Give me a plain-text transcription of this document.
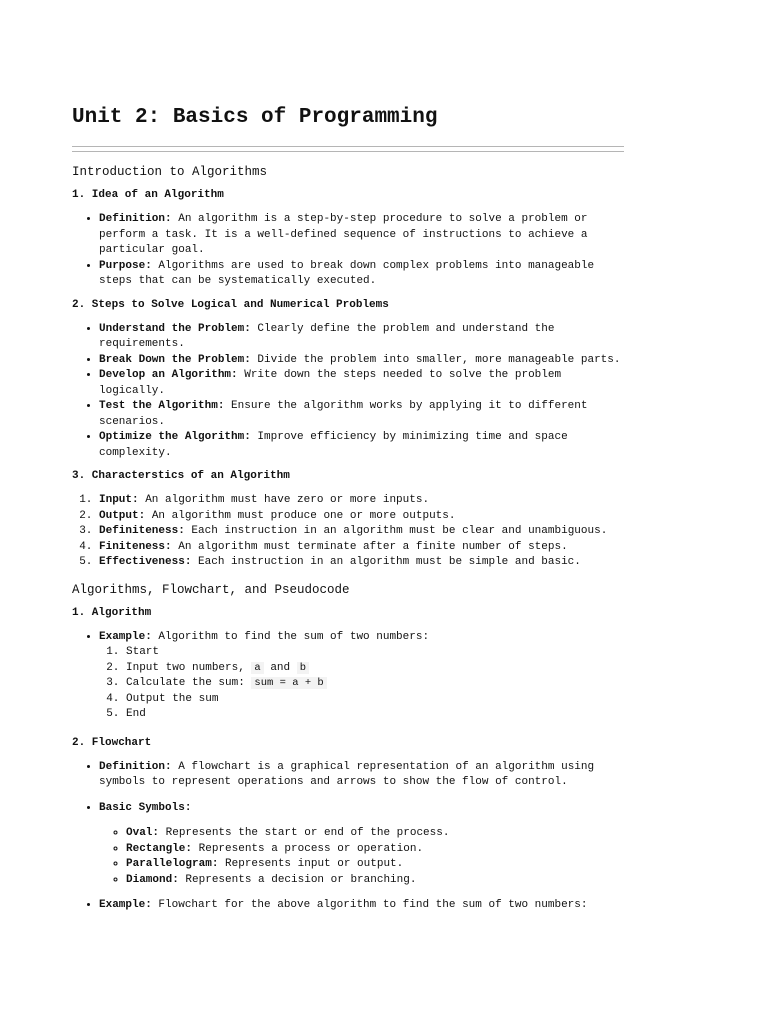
Unit 2: Basics of Programming
Introduction to Algorithms
1. Idea of an Algorithm
• Definition: An algorithm is a step-by-step procedure to solve a problem or perform a task. It is a well-defined sequence of instructions to achieve a particular goal.
• Purpose: Algorithms are used to break down complex problems into manageable steps that can be systematically executed.
2. Steps to Solve Logical and Numerical Problems
• Understand the Problem: Clearly define the problem and understand the requirements.
• Break Down the Problem: Divide the problem into smaller, more manageable parts.
• Develop an Algorithm: Write down the steps needed to solve the problem logically.
• Test the Algorithm: Ensure the algorithm works by applying it to different scenarios.
• Optimize the Algorithm: Improve efficiency by minimizing time and space complexity.
3. Characterstics of an Algorithm
1. Input: An algorithm must have zero or more inputs.
2. Output: An algorithm must produce one or more outputs.
3. Definiteness: Each instruction in an algorithm must be clear and unambiguous.
4. Finiteness: An algorithm must terminate after a finite number of steps.
5. Effectiveness: Each instruction in an algorithm must be simple and basic.
Algorithms, Flowchart, and Pseudocode
1. Algorithm
• Example: Algorithm to find the sum of two numbers:
1. Start
2. Input two numbers, a and b
3. Calculate the sum: sum = a + b
4. Output the sum
5. End
2. Flowchart
• Definition: A flowchart is a graphical representation of an algorithm using symbols to represent operations and arrows to show the flow of control.
• Basic Symbols:
◦ Oval: Represents the start or end of the process.
◦ Rectangle: Represents a process or operation.
◦ Parallelogram: Represents input or output.
◦ Diamond: Represents a decision or branching.
• Example: Flowchart for the above algorithm to find the sum of two numbers:
